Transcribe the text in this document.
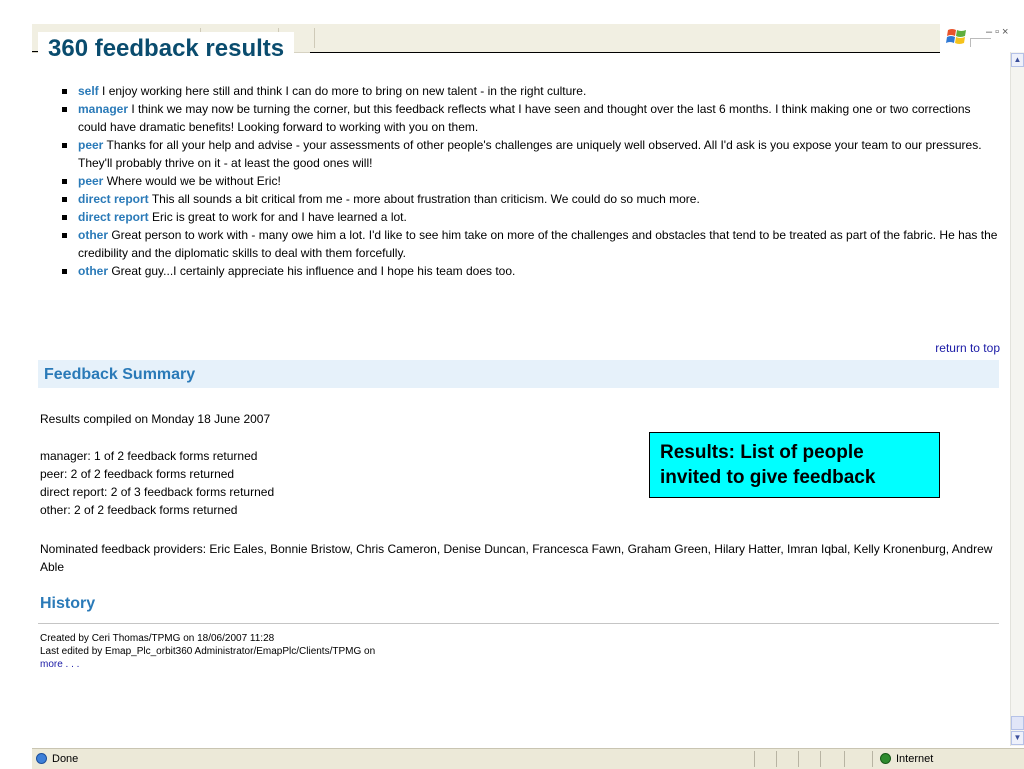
360 feedback results
–▫×
▲
▼
self I enjoy working here still and think I can do more to bring on new talent - in the right culture.
manager I think we may now be turning the corner, but this feedback reflects what I have seen and thought over the last 6 months. I think making one or two corrections could have dramatic benefits! Looking forward to working with you on them.
peer Thanks for all your help and advise - your assessments of other people's challenges are uniquely well observed. All I'd ask is you expose your team to our pressures. They'll probably thrive on it - at least the good ones will!
peer Where would we be without Eric!
direct report This all sounds a bit critical from me - more about frustration than criticism. We could do so much more.
direct report Eric is great to work for and I have learned a lot.
other Great person to work with - many owe him a lot. I'd like to see him take on more of the challenges and obstacles that tend to be treated as part of the fabric. He has the credibility and the diplomatic skills to deal with them forcefully.
other Great guy...I certainly appreciate his influence and I hope his team does too.
return to top
Feedback Summary
Results compiled on Monday 18 June 2007
manager: 1 of 2 feedback forms returned
peer: 2 of 2 feedback forms returned
direct report: 2 of 3 feedback forms returned
other: 2 of 2 feedback forms returned
Nominated feedback providers: Eric Eales, Bonnie Bristow, Chris Cameron, Denise Duncan, Francesca Fawn, Graham Green, Hilary Hatter, Imran Iqbal, Kelly Kronenburg, Andrew Able
Results: List of people invited to give feedback
History
Created by Ceri Thomas/TPMG on 18/06/2007 11:28
Last edited by Emap_Plc_orbit360 Administrator/EmapPlc/Clients/TPMG on
more . . .
Done	Internet
